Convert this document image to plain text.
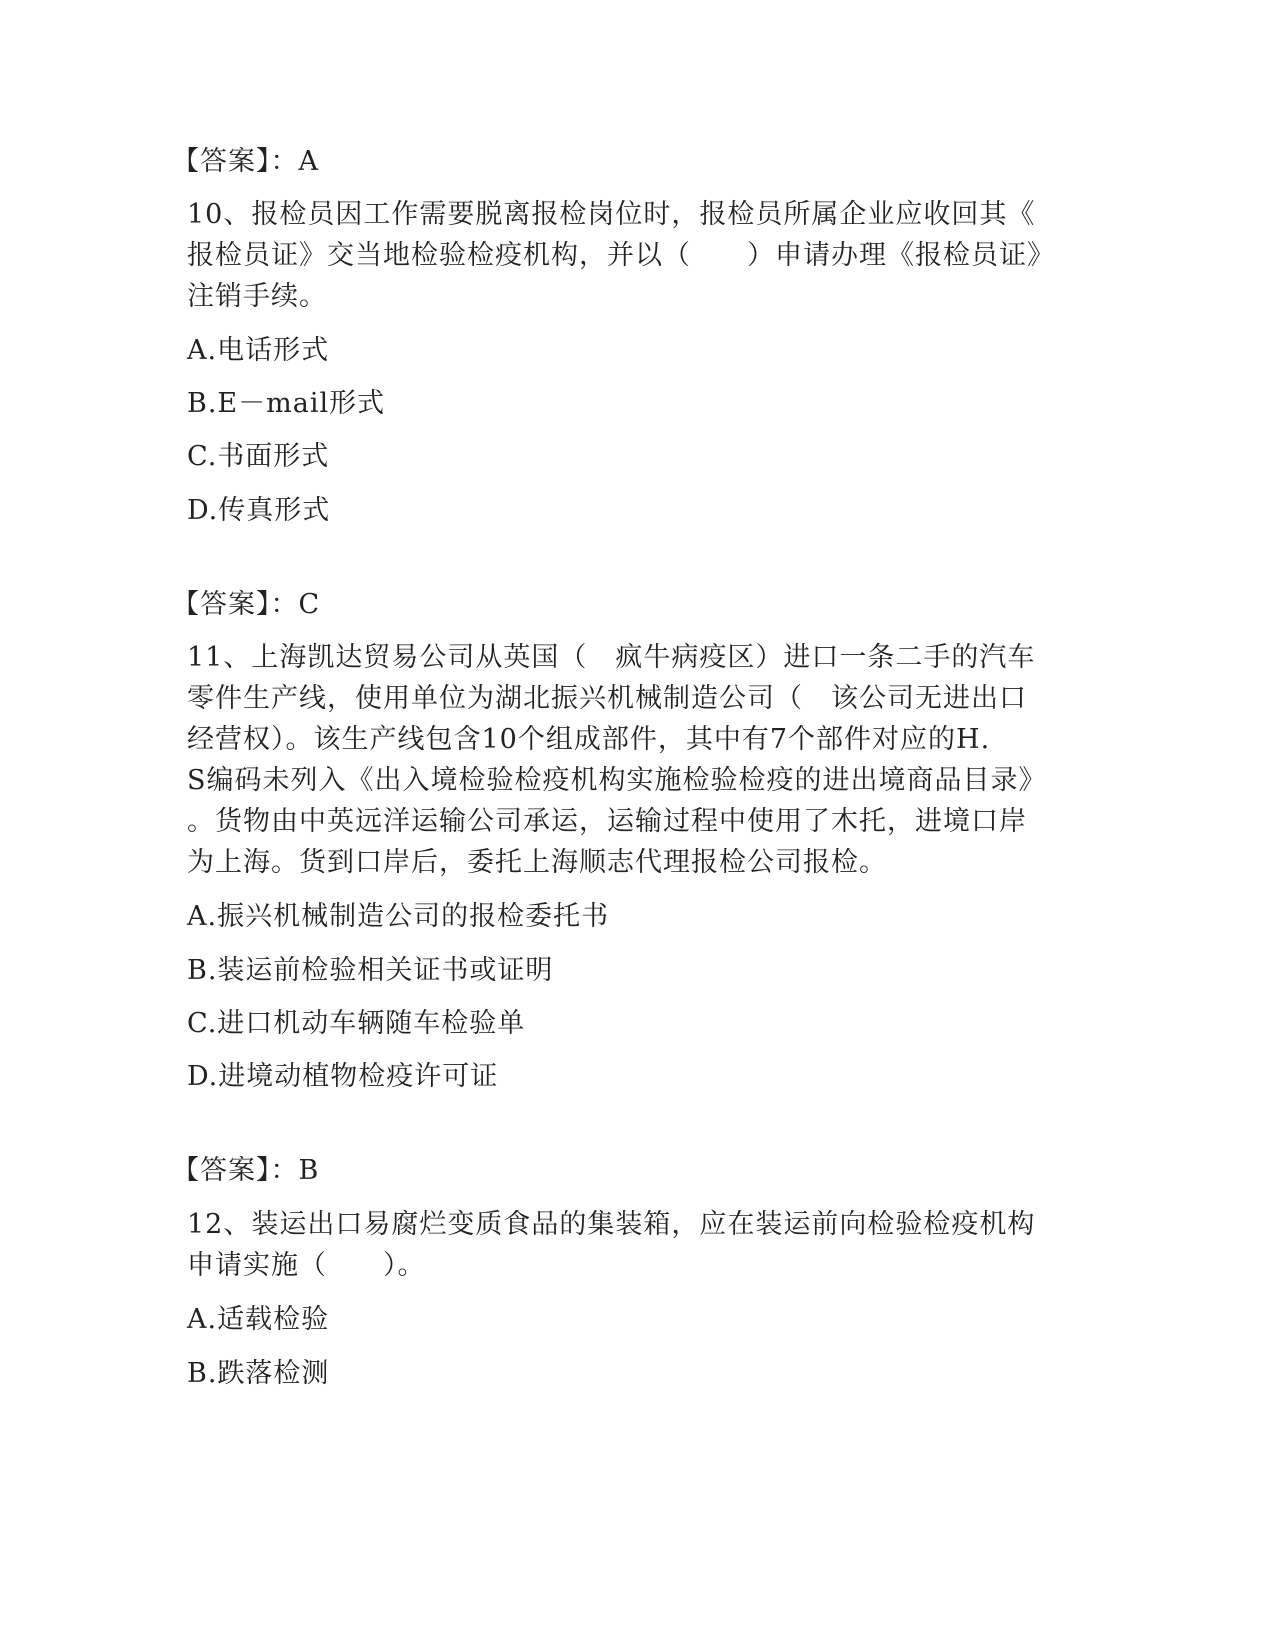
【答案】：A
10、报检员因工作需要脱离报检岗位时，报检员所属企业应收回其《
报检员证》交当地检验检疫机构，并以（　　）申请办理《报检员证》
注销手续。
A.电话形式
B.E－mail形式
C.书面形式
D.传真形式
【答案】：C
11、上海凯达贸易公司从英国（　疯牛病疫区）进口一条二手的汽车
零件生产线，使用单位为湖北振兴机械制造公司（　该公司无进出口
经营权）。该生产线包含10个组成部件，其中有7个部件对应的H.
S编码未列入《出入境检验检疫机构实施检验检疫的进出境商品目录》
。货物由中英远洋运输公司承运，运输过程中使用了木托，进境口岸
为上海。货到口岸后，委托上海顺志代理报检公司报检。
A.振兴机械制造公司的报检委托书
B.装运前检验相关证书或证明
C.进口机动车辆随车检验单
D.进境动植物检疫许可证
【答案】：B
12、装运出口易腐烂变质食品的集装箱，应在装运前向检验检疫机构
申请实施（　　）。
A.适载检验
B.跌落检测
